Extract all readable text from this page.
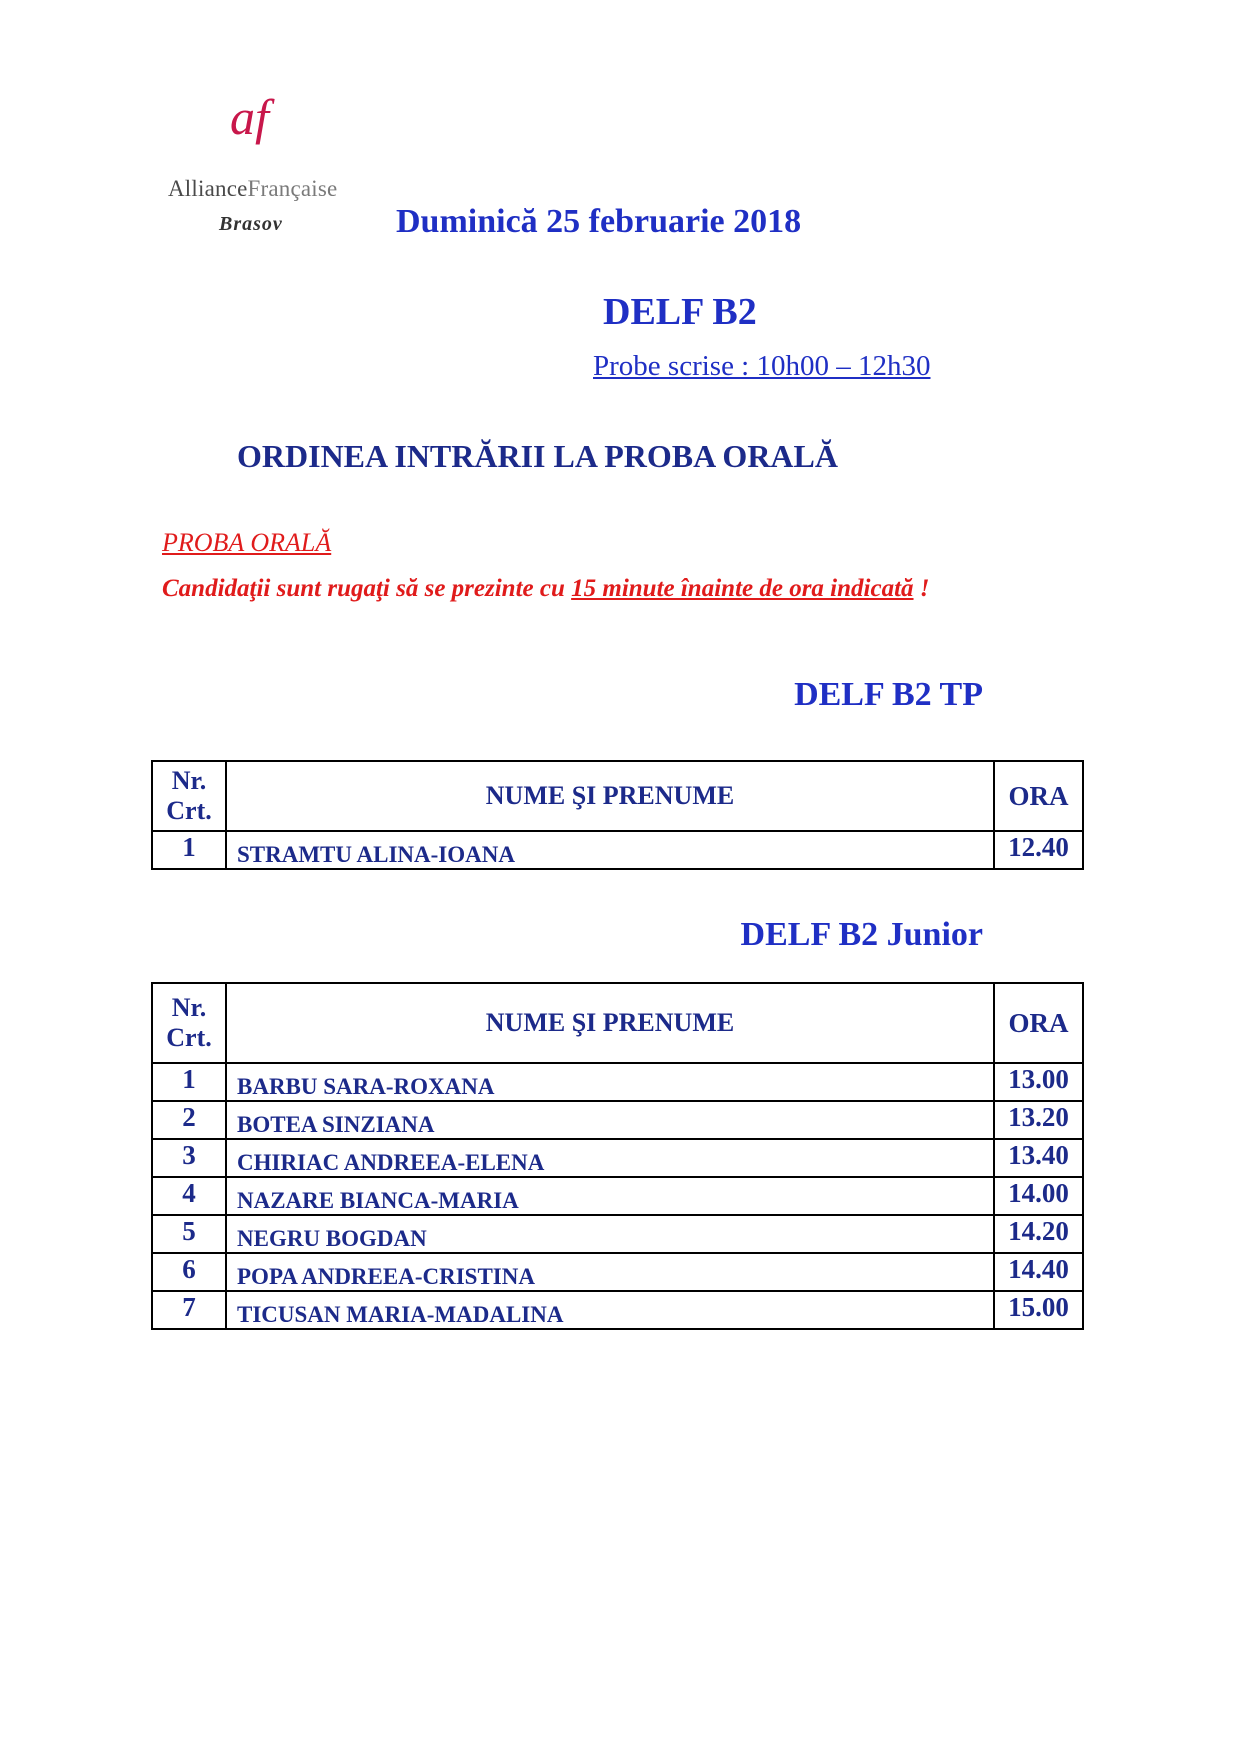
af
AllianceFrançaise
Brasov	Duminică 25 februarie 2018
DELF B2
Probe scrise : 10h00 – 12h30
ORDINEA INTRĂRII LA PROBA ORALĂ
PROBA ORALĂ
Candidaţii sunt rugaţi să se prezinte cu 15 minute înainte de ora indicată !
DELF B2 TP
Nr.
Crt.	NUME ŞI PRENUME	ORA
1	STRAMTU ALINA-IOANA	12.40
DELF B2 Junior
Nr.
Crt.	NUME ŞI PRENUME	ORA
1	BARBU SARA-ROXANA	13.00
2	BOTEA SINZIANA	13.20
3	CHIRIAC ANDREEA-ELENA	13.40
4	NAZARE BIANCA-MARIA	14.00
5	NEGRU BOGDAN	14.20
6	POPA ANDREEA-CRISTINA	14.40
7	TICUSAN MARIA-MADALINA	15.00
